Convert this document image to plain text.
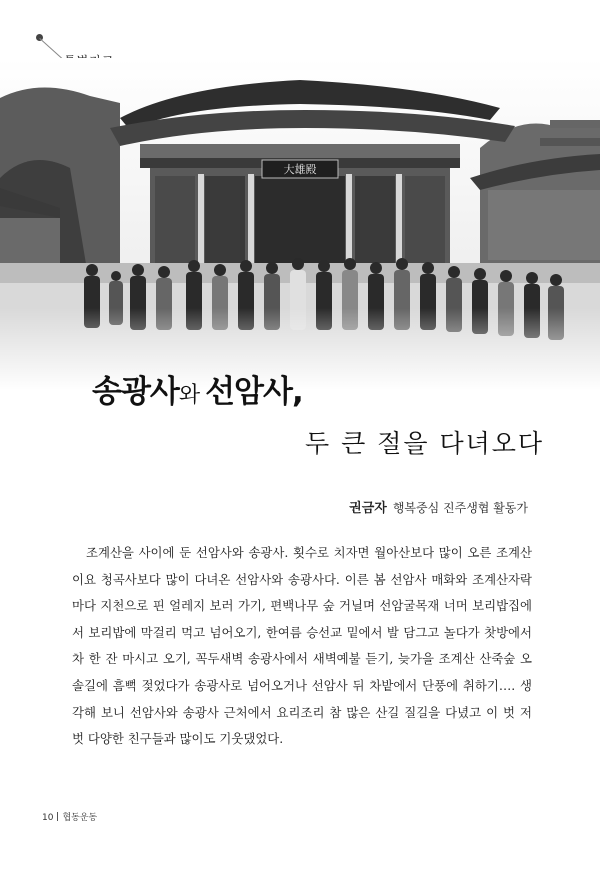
大雄殿
송광사와 선암사,
두 큰 절을 다녀오다
권금자 행복중심 진주생협 활동가

조계산을 사이에 둔 선암사와 송광사. 횟수로 치자면 월아산보다 많이 오른 조계산이요 청곡사보다 많이 다녀온 선암사와 송광사다. 이른 봄 선암사 매화와 조계산자락마다 지천으로 핀 얼레지 보러 가기, 편백나무 숲 거닐며 선암굴목재 너머 보리밥집에서 보리밥에 막걸리 먹고 넘어오기, 한여름 승선교 밑에서 발 담그고 놀다가 찻방에서 차 한 잔 마시고 오기, 꼭두새벽 송광사에서 새벽예불 듣기, 늦가을 조계산 산죽숲 오솔길에 흠뻑 젖었다가 송광사로 넘어오거나 선암사 뒤 차밭에서 단풍에 취하기…. 생각해 보니 선암사와 송광사 근처에서 요리조리 참 많은 산길 질길을 다녔고 이 벗 저 벗 다양한 친구들과 많이도 기웃댔었다.

10 협동운동
